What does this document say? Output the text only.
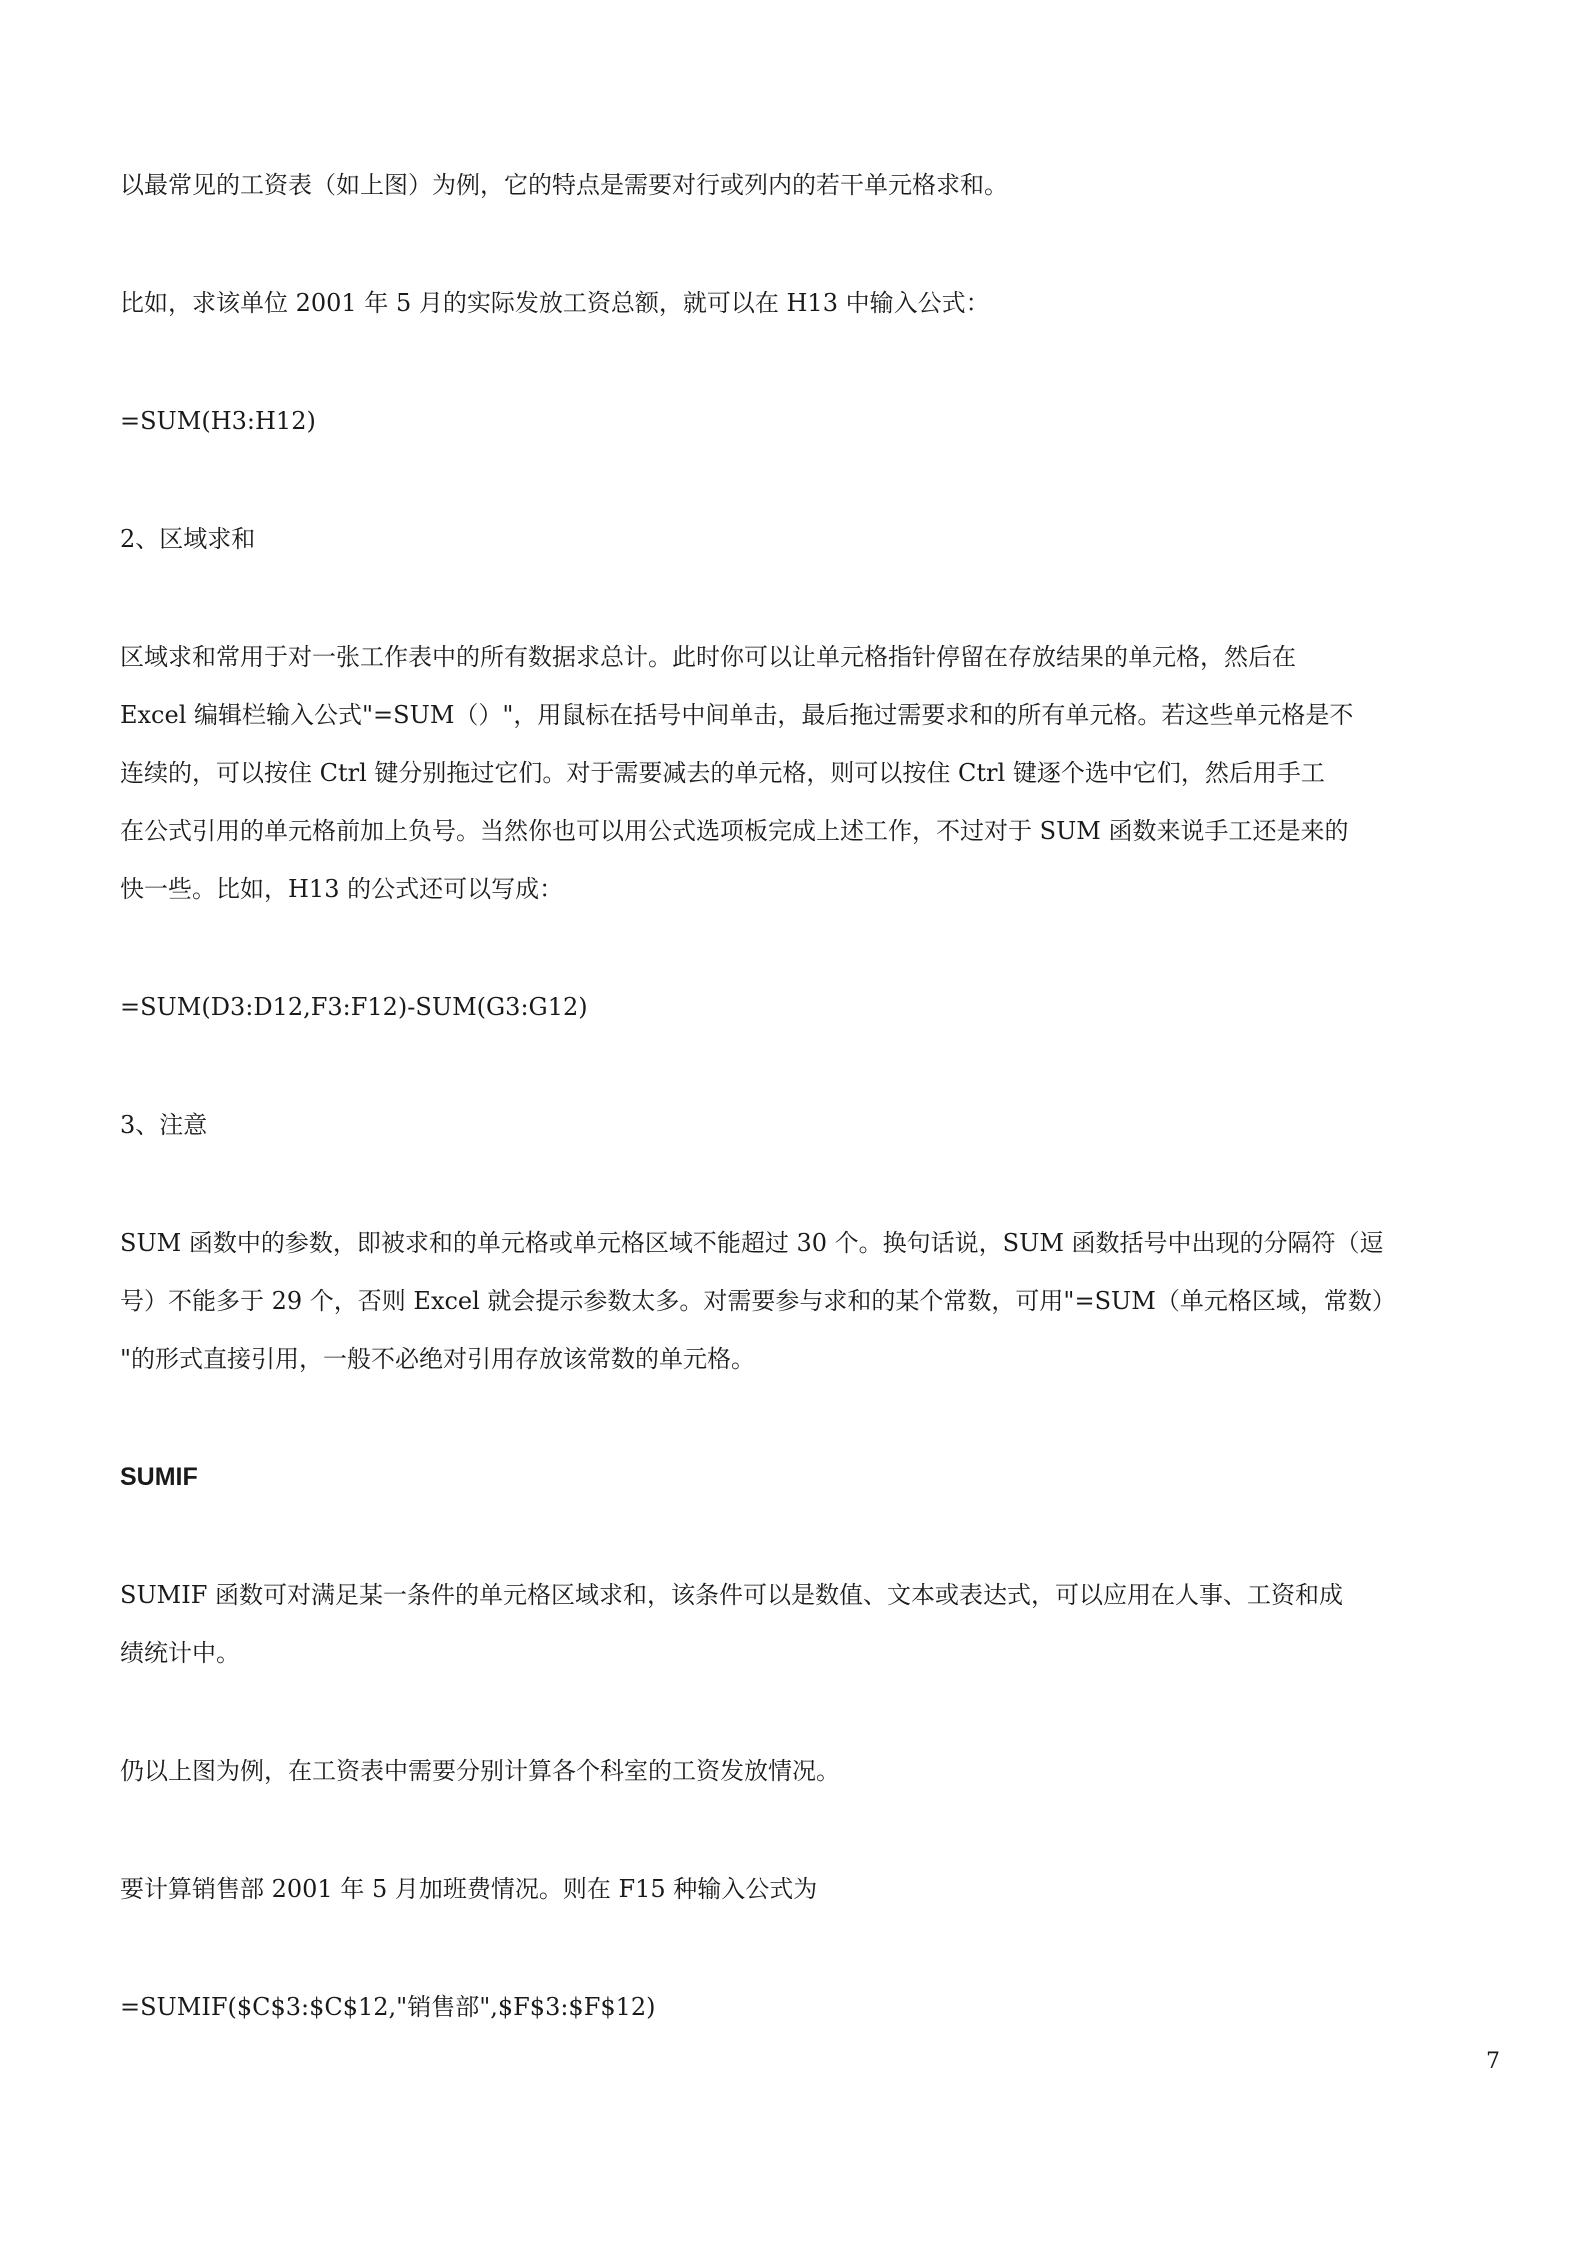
以最常见的工资表（如上图）为例，它的特点是需要对行或列内的若干单元格求和。
比如，求该单位 2001 年 5 月的实际发放工资总额，就可以在 H13 中输入公式：
=SUM(H3:H12)
2、区域求和
区域求和常用于对一张工作表中的所有数据求总计。此时你可以让单元格指针停留在存放结果的单元格，然后在
Excel 编辑栏输入公式"=SUM（）"，用鼠标在括号中间单击，最后拖过需要求和的所有单元格。若这些单元格是不
连续的，可以按住 Ctrl 键分别拖过它们。对于需要减去的单元格，则可以按住 Ctrl 键逐个选中它们，然后用手工
在公式引用的单元格前加上负号。当然你也可以用公式选项板完成上述工作，不过对于 SUM 函数来说手工还是来的
快一些。比如，H13 的公式还可以写成：
=SUM(D3:D12,F3:F12)-SUM(G3:G12)
3、注意
SUM 函数中的参数，即被求和的单元格或单元格区域不能超过 30 个。换句话说，SUM 函数括号中出现的分隔符（逗
号）不能多于 29 个，否则 Excel 就会提示参数太多。对需要参与求和的某个常数，可用"=SUM（单元格区域，常数）
"的形式直接引用，一般不必绝对引用存放该常数的单元格。
SUMIF
SUMIF 函数可对满足某一条件的单元格区域求和，该条件可以是数值、文本或表达式，可以应用在人事、工资和成
绩统计中。
仍以上图为例，在工资表中需要分别计算各个科室的工资发放情况。
要计算销售部 2001 年 5 月加班费情况。则在 F15 种输入公式为
=SUMIF($C$3:$C$12,"销售部",$F$3:$F$12)
7
